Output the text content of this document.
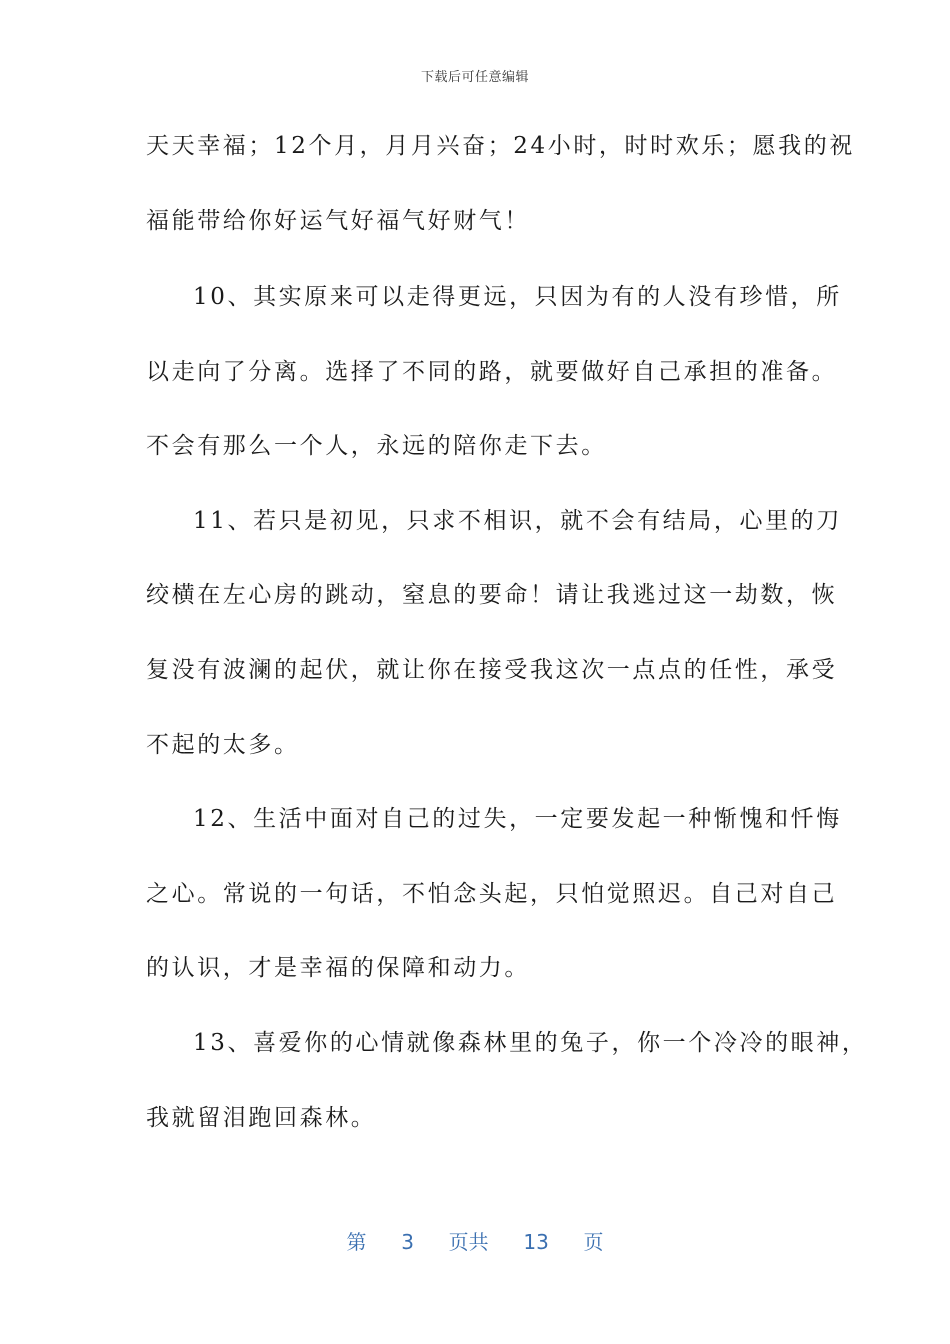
下载后可任意编辑
天天幸福；12个月，月月兴奋；24小时，时时欢乐；愿我的祝
福能带给你好运气好福气好财气！
10、其实原来可以走得更远，只因为有的人没有珍惜，所
以走向了分离。选择了不同的路，就要做好自己承担的准备。
不会有那么一个人，永远的陪你走下去。
11、若只是初见，只求不相识，就不会有结局，心里的刀
绞横在左心房的跳动，窒息的要命！请让我逃过这一劫数，恢
复没有波澜的起伏，就让你在接受我这次一点点的任性，承受
不起的太多。
12、生活中面对自己的过失，一定要发起一种惭愧和忏悔
之心。常说的一句话，不怕念头起，只怕觉照迟。自己对自己
的认识，才是幸福的保障和动力。
13、喜爱你的心情就像森林里的兔子，你一个冷冷的眼神，
我就留泪跑回森林。
第 3 页共 13 页
